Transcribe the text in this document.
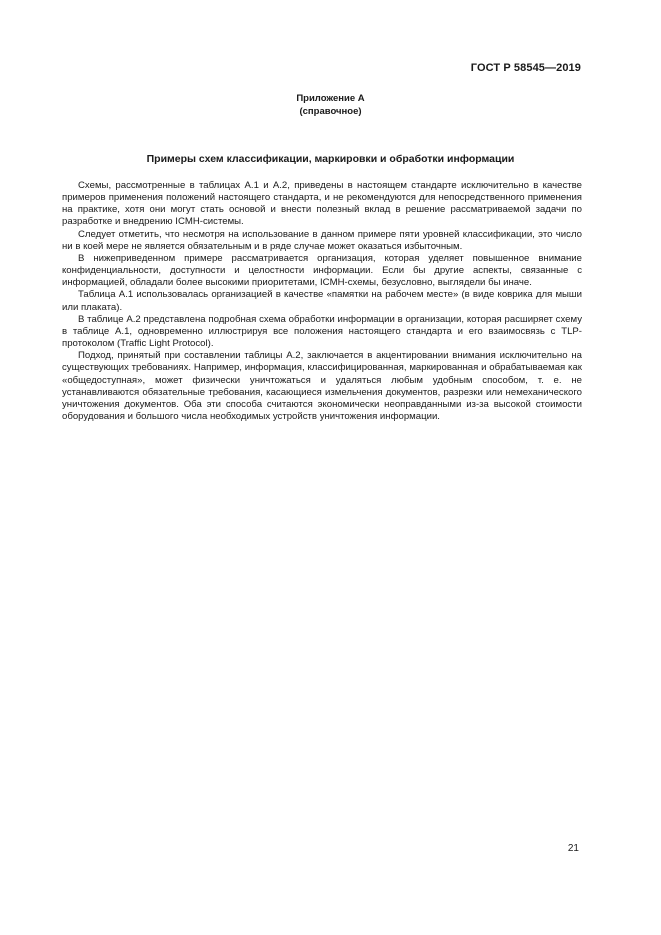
ГОСТ Р 58545—2019
Приложение А
(справочное)
Примеры схем классификации, маркировки и обработки информации

Схемы, рассмотренные в таблицах А.1 и А.2, приведены в настоящем стандарте исключительно в качестве примеров применения положений настоящего стандарта, и не рекомендуются для непосредственного применения на практике, хотя они могут стать основой и внести полезный вклад в решение рассматриваемой задачи по разработке и внедрению ICMH-системы.

Следует отметить, что несмотря на использование в данном примере пяти уровней классификации, это число ни в коей мере не является обязательным и в ряде случае может оказаться избыточным.

В нижеприведенном примере рассматривается организация, которая уделяет повышенное внимание конфиденциальности, доступности и целостности информации. Если бы другие аспекты, связанные с информацией, обладали более высокими приоритетами, ICMH-схемы, безусловно, выглядели бы иначе.

Таблица А.1 использовалась организацией в качестве «памятки на рабочем месте» (в виде коврика для мыши или плаката).

В таблице А.2 представлена подробная схема обработки информации в организации, которая расширяет схему в таблице А.1, одновременно иллюстрируя все положения настоящего стандарта и его взаимосвязь с TLP-протоколом (Traffic Light Protocol).

Подход, принятый при составлении таблицы А.2, заключается в акцентировании внимания исключительно на существующих требованиях. Например, информация, классифицированная, маркированная и обрабатываемая как «общедоступная», может физически уничтожаться и удаляться любым удобным способом, т. е. не устанавливаются обязательные требования, касающиеся измельчения документов, разрезки или немеханического уничтожения документов. Оба эти способа считаются экономически неоправданными из-за высокой стоимости оборудования и большого числа необходимых устройств уничтожения информации.

21
